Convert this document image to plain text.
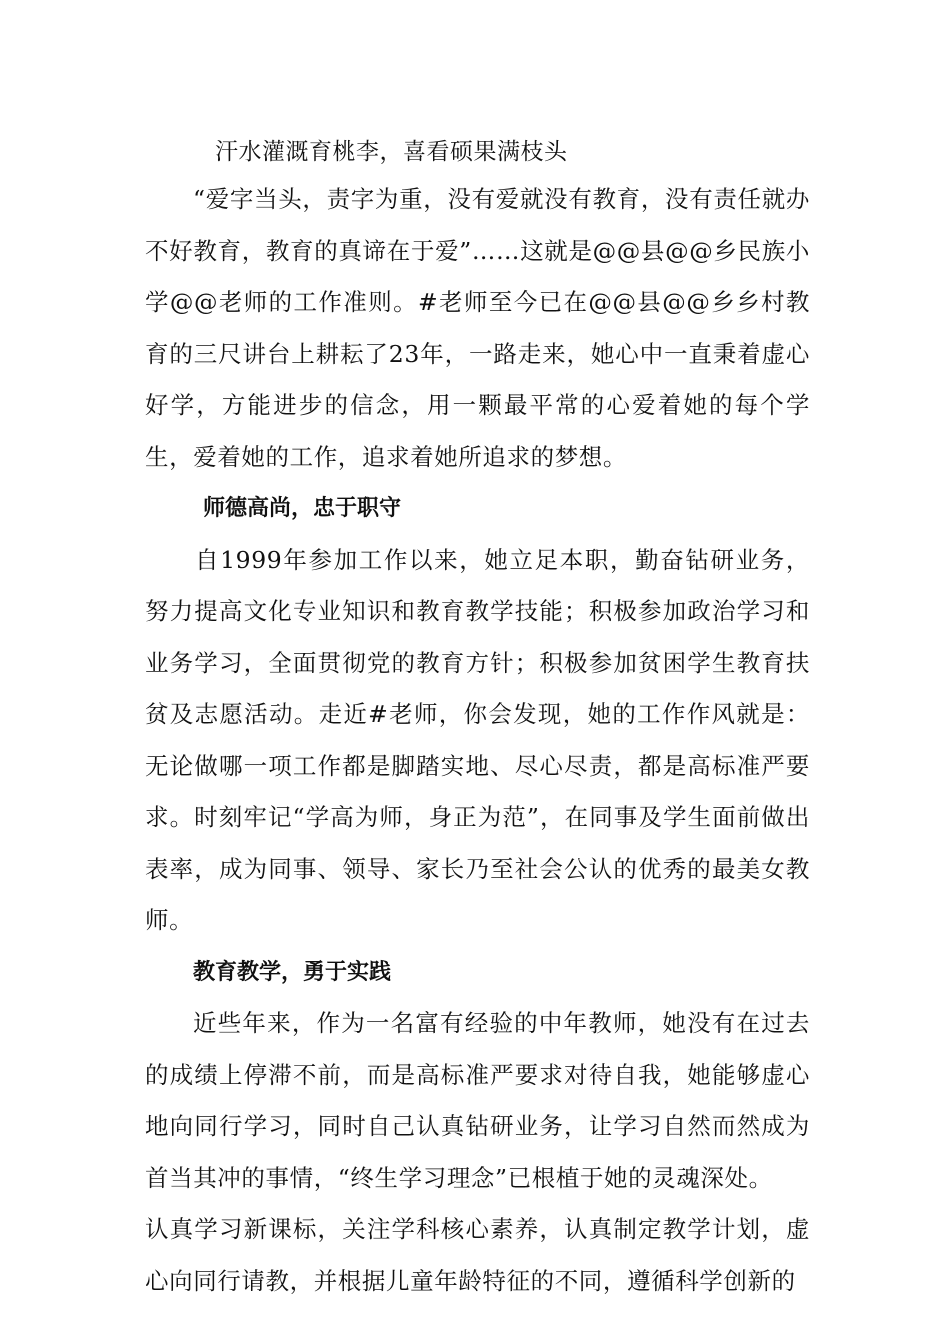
汗水灌溉育桃李，喜看硕果满枝头

“爱字当头，责字为重，没有爱就没有教育，没有责任就办不好教育，教育的真谛在于爱”……这就是@@县@@乡民族小学@@老师的工作准则。#老师至今已在@@县@@乡乡村教育的三尺讲台上耕耘了23年，一路走来，她心中一直秉着虚心好学，方能进步的信念，用一颗最平常的心爱着她的每个学生，爱着她的工作，追求着她所追求的梦想。

师德高尚，忠于职守

自1999年参加工作以来，她立足本职，勤奋钻研业务，努力提高文化专业知识和教育教学技能；积极参加政治学习和业务学习，全面贯彻党的教育方针；积极参加贫困学生教育扶贫及志愿活动。走近#老师，你会发现，她的工作作风就是：无论做哪一项工作都是脚踏实地、尽心尽责，都是高标准严要求。时刻牢记“学高为师，身正为范”，在同事及学生面前做出表率，成为同事、领导、家长乃至社会公认的优秀的最美女教师。

教育教学，勇于实践

近些年来，作为一名富有经验的中年教师，她没有在过去的成绩上停滞不前，而是高标准严要求对待自我，她能够虚心地向同行学习，同时自己认真钻研业务，让学习自然而然成为首当其冲的事情，“终生学习理念”已根植于她的灵魂深处。

认真学习新课标，关注学科核心素养，认真制定教学计划，虚心向同行请教，并根据儿童年龄特征的不同，遵循科学创新的
